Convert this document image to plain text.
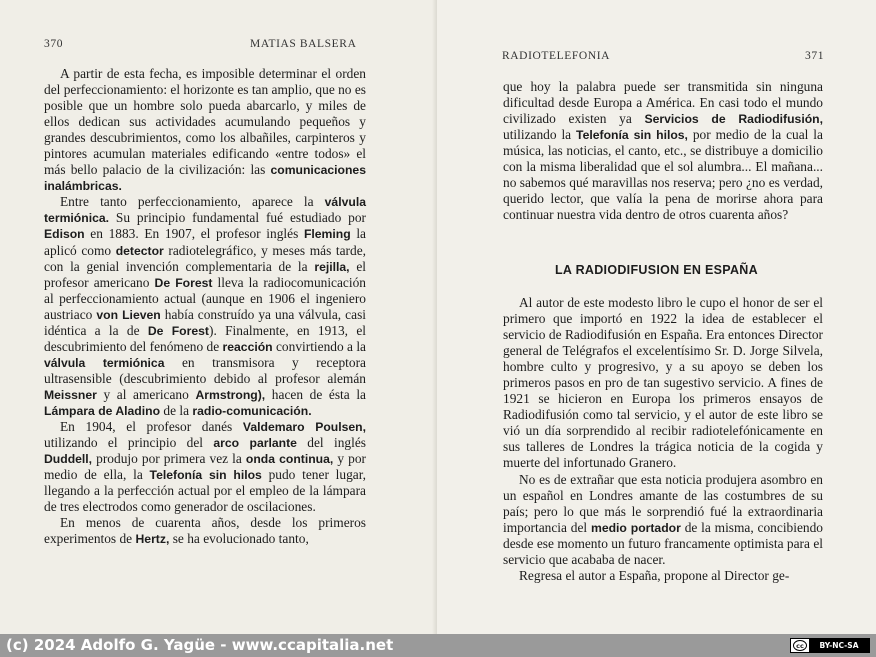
370	MATIAS BALSERA

A partir de esta fecha, es imposible determinar el orden del perfeccionamiento: el horizonte es tan amplio, que no es posible que un hombre solo pueda abarcarlo, y miles de ellos dedican sus actividades acumulando pequeños y grandes descubrimientos, como los albañiles, carpinteros y pintores acumulan materiales edificando «entre todos» el más bello palacio de la civilización: las comunicaciones inalámbricas.

Entre tanto perfeccionamiento, aparece la válvula termiónica. Su principio fundamental fué estudiado por Edison en 1883. En 1907, el profesor inglés Fleming la aplicó como detector radiotelegráfico, y meses más tarde, con la genial invención complementaria de la rejilla, el profesor americano De Forest lleva la radiocomunicación al perfeccionamiento actual (aunque en 1906 el ingeniero austriaco von Lieven había construído ya una válvula, casi idéntica a la de De Forest). Finalmente, en 1913, el descubrimiento del fenómeno de reacción convirtiendo a la válvula termiónica en transmisora y receptora ultrasensible (descubrimiento debido al profesor alemán Meissner y al americano Armstrong), hacen de ésta la Lámpara de Aladino de la radio-comunicación.

En 1904, el profesor danés Valdemaro Poulsen, utilizando el principio del arco parlante del inglés Duddell, produjo por primera vez la onda continua, y por medio de ella, la Telefonía sin hilos pudo tener lugar, llegando a la perfección actual por el empleo de la lámpara de tres electrodos como generador de oscilaciones.

En menos de cuarenta años, desde los primeros experimentos de Hertz, se ha evolucionado tanto,

RADIOTELEFONIA	371

que hoy la palabra puede ser transmitida sin ninguna dificultad desde Europa a América. En casi todo el mundo civilizado existen ya Servicios de Radiodifusión, utilizando la Telefonía sin hilos, por medio de la cual la música, las noticias, el canto, etc., se distribuye a domicilio con la misma liberalidad que el sol alumbra... El mañana... no sabemos qué maravillas nos reserva; pero ¿no es verdad, querido lector, que valía la pena de morirse ahora para continuar nuestra vida dentro de otros cuarenta años?

Al autor de este modesto libro le cupo el honor de ser el primero que importó en 1922 la idea de establecer el servicio de Radiodifusión en España. Era entonces Director general de Telégrafos el excelentísimo Sr. D. Jorge Silvela, hombre culto y progresivo, y a su apoyo se deben los primeros pasos en pro de tan sugestivo servicio. A fines de 1921 se hicieron en Europa los primeros ensayos de Radiodifusión como tal servicio, y el autor de este libro se vió un día sorprendido al recibir radiotelefónicamente en sus talleres de Londres la trágica noticia de la cogida y muerte del infortunado Granero.

No es de extrañar que esta noticia produjera asombro en un español en Londres amante de las costumbres de su país; pero lo que más le sorprendió fué la extraordinaria importancia del medio portador de la misma, concibiendo desde ese momento un futuro francamente optimista para el servicio que acababa de nacer.

Regresa el autor a España, propone al Director ge-

LA RADIODIFUSION EN ESPAÑA
(c) 2024 Adolfo G. Yagüe - www.ccapitalia.net	cc	BY-NC-SA
